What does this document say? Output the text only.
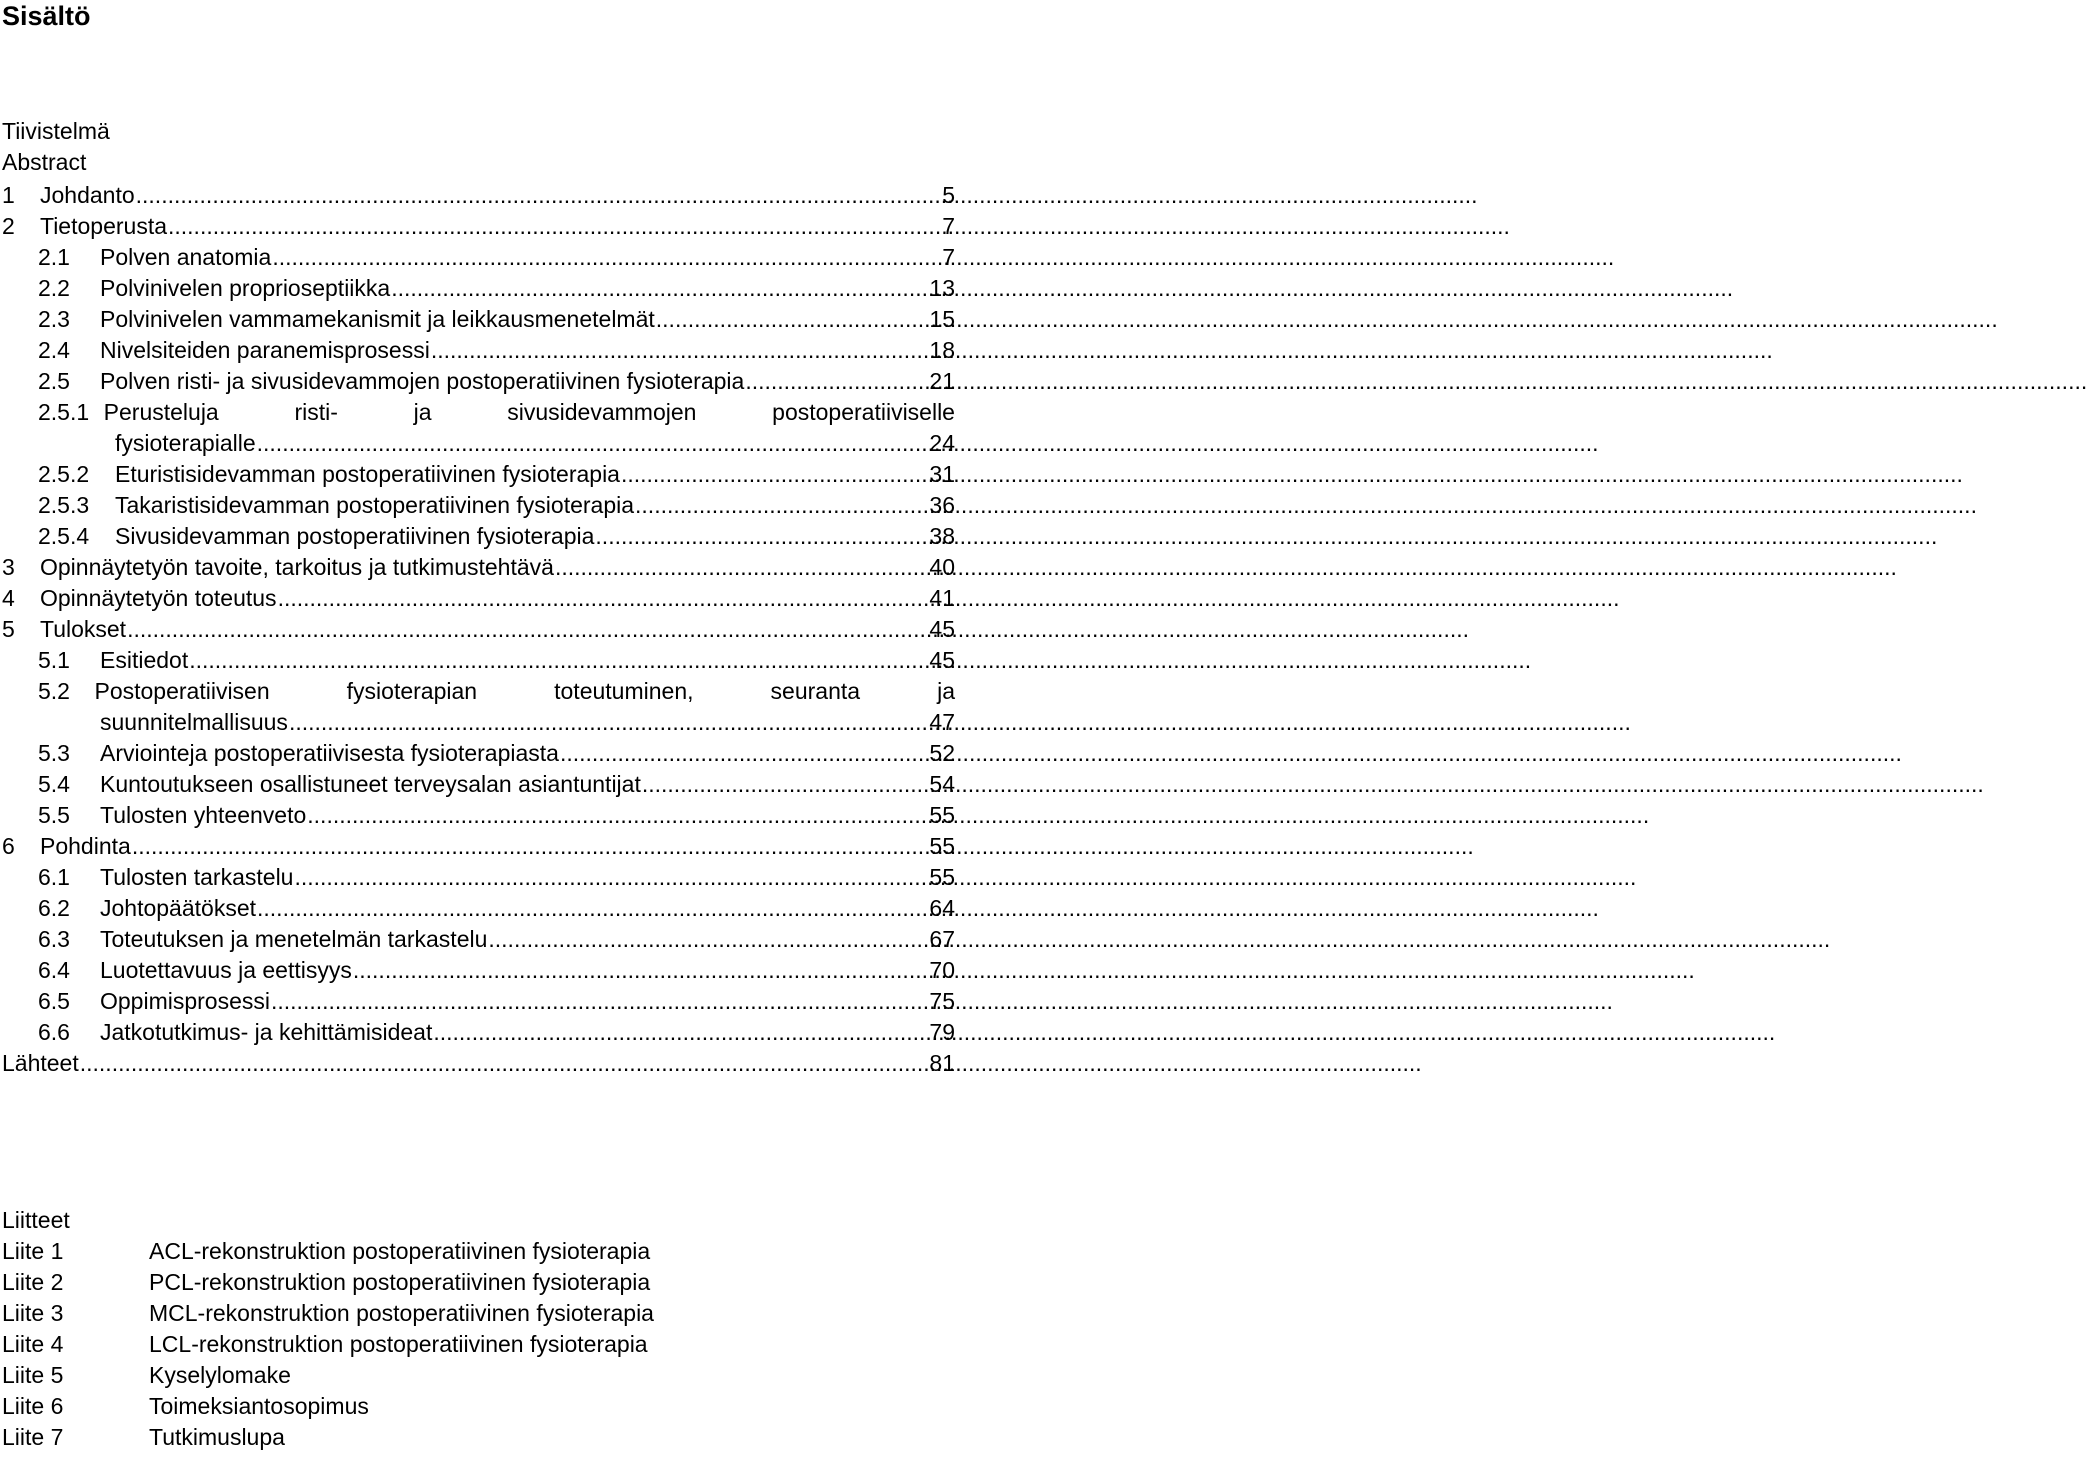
Sisältö
Tiivistelmä
Abstract
1	Johdanto .....	5
2	Tietoperusta .....	7
2.1	Polven anatomia .....	7
2.2	Polvinivelen proprioseptiikka .....	13
2.3	Polvinivelen vammamekanismit ja leikkausmenetelmät .....	15
2.4	Nivelsiteiden paranemisprosessi .....	18
2.5	Polven risti- ja sivusidevammojen postoperatiivinen fysioterapia .....	21
2.5.1 Perusteluja	risti-	ja	sivusidevammojen	postoperatiiviselle
fysioterapialle .....	24
2.5.2	Eturistisidevamman postoperatiivinen fysioterapia .....	31
2.5.3	Takaristisidevamman postoperatiivinen fysioterapia .....	36
2.5.4	Sivusidevamman postoperatiivinen fysioterapia .....	38
3	Opinnäytetyön tavoite, tarkoitus ja tutkimustehtävä .....	40
4	Opinnäytetyön toteutus .....	41
5	Tulokset .....	45
5.1	Esitiedot .....	45
5.2 Postoperatiivisen	fysioterapian	toteutuminen,	seuranta	ja
suunnitelmallisuus .....	47
5.3	Arviointeja postoperatiivisesta fysioterapiasta .....	52
5.4	Kuntoutukseen osallistuneet terveysalan asiantuntijat .....	54
5.5	Tulosten yhteenveto .....	55
6	Pohdinta .....	55
6.1	Tulosten tarkastelu .....	55
6.2	Johtopäätökset .....	64
6.3	Toteutuksen ja menetelmän tarkastelu .....	67
6.4	Luotettavuus ja eettisyys .....	70
6.5	Oppimisprosessi .....	75
6.6	Jatkotutkimus- ja kehittämisideat .....	79
Lähteet .....	81
Liitteet
Liite 1	ACL-rekonstruktion postoperatiivinen fysioterapia
Liite 2	PCL-rekonstruktion postoperatiivinen fysioterapia
Liite 3	MCL-rekonstruktion postoperatiivinen fysioterapia
Liite 4	LCL-rekonstruktion postoperatiivinen fysioterapia
Liite 5	Kyselylomake
Liite 6	Toimeksiantosopimus
Liite 7	Tutkimuslupa
